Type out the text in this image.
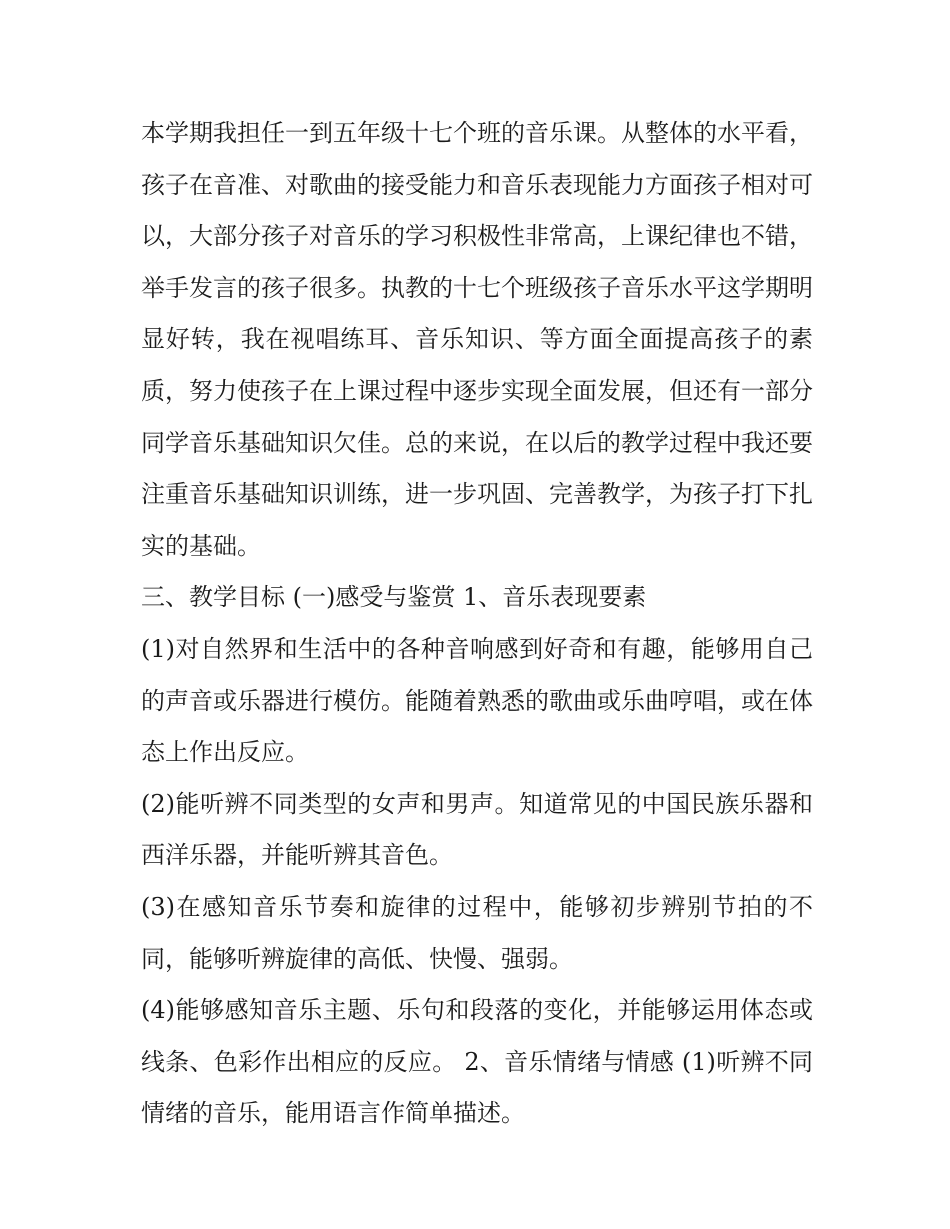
本学期我担任一到五年级十七个班的音乐课。从整体的水平看，孩子在音准、对歌曲的接受能力和音乐表现能力方面孩子相对可以，大部分孩子对音乐的学习积极性非常高，上课纪律也不错，举手发言的孩子很多。执教的十七个班级孩子音乐水平这学期明显好转，我在视唱练耳、音乐知识、等方面全面提高孩子的素质，努力使孩子在上课过程中逐步实现全面发展，但还有一部分同学音乐基础知识欠佳。总的来说，在以后的教学过程中我还要注重音乐基础知识训练，进一步巩固、完善教学，为孩子打下扎实的基础。

三、教学目标 (一)感受与鉴赏 1、音乐表现要素

(1)对自然界和生活中的各种音响感到好奇和有趣，能够用自己的声音或乐器进行模仿。能随着熟悉的歌曲或乐曲哼唱，或在体态上作出反应。

(2)能听辨不同类型的女声和男声。知道常见的中国民族乐器和西洋乐器，并能听辨其音色。

(3)在感知音乐节奏和旋律的过程中，能够初步辨别节拍的不同，能够听辨旋律的高低、快慢、强弱。

(4)能够感知音乐主题、乐句和段落的变化，并能够运用体态或线条、色彩作出相应的反应。 2、音乐情绪与情感 (1)听辨不同情绪的音乐，能用语言作简单描述。
